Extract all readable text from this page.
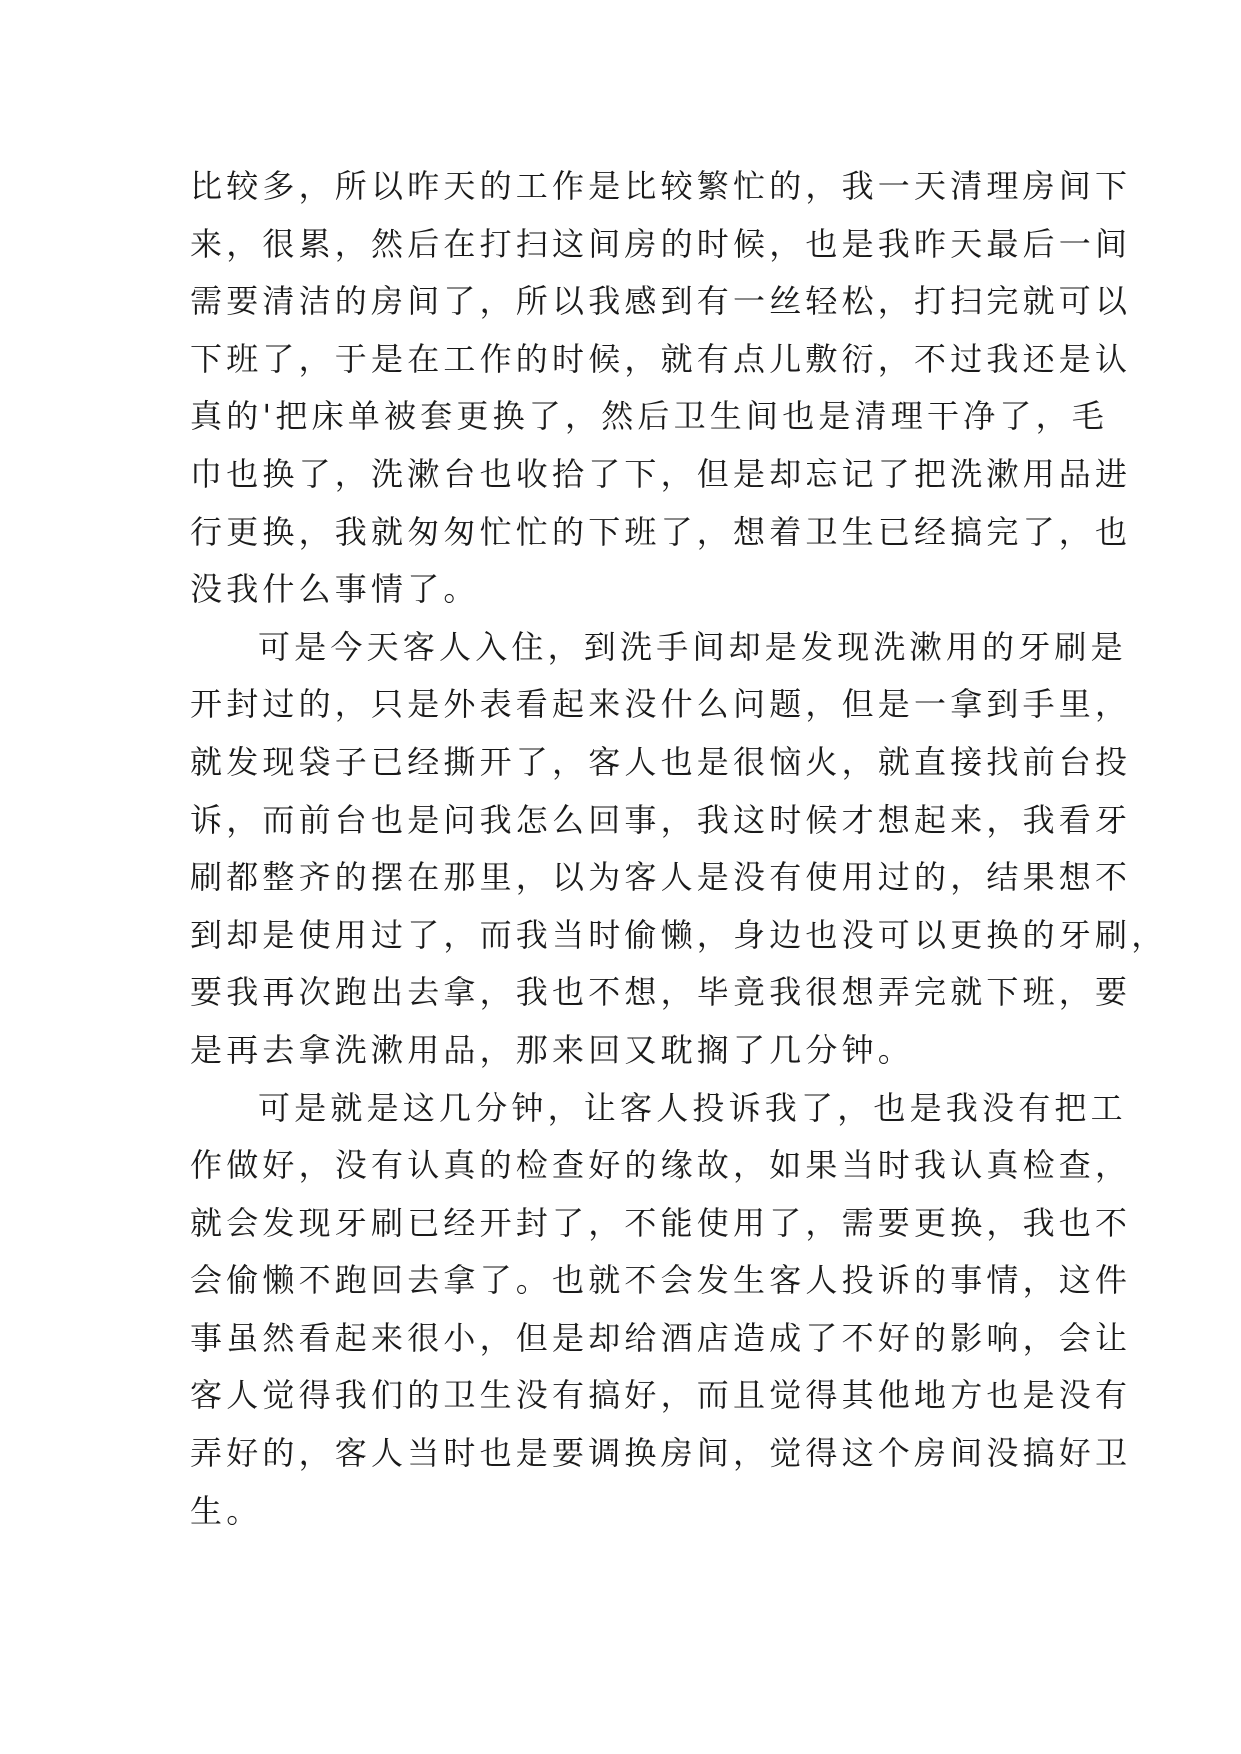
比较多，所以昨天的工作是比较繁忙的，我一天清理房间下
来，很累，然后在打扫这间房的时候，也是我昨天最后一间
需要清洁的房间了，所以我感到有一丝轻松，打扫完就可以
下班了，于是在工作的时候，就有点儿敷衍，不过我还是认
真的'把床单被套更换了，然后卫生间也是清理干净了，毛
巾也换了，洗漱台也收拾了下，但是却忘记了把洗漱用品进
行更换，我就匆匆忙忙的下班了，想着卫生已经搞完了，也
没我什么事情了。
可是今天客人入住，到洗手间却是发现洗漱用的牙刷是
开封过的，只是外表看起来没什么问题，但是一拿到手里，
就发现袋子已经撕开了，客人也是很恼火，就直接找前台投
诉，而前台也是问我怎么回事，我这时候才想起来，我看牙
刷都整齐的摆在那里，以为客人是没有使用过的，结果想不
到却是使用过了，而我当时偷懒，身边也没可以更换的牙刷，
要我再次跑出去拿，我也不想，毕竟我很想弄完就下班，要
是再去拿洗漱用品，那来回又耽搁了几分钟。
可是就是这几分钟，让客人投诉我了，也是我没有把工
作做好，没有认真的检查好的缘故，如果当时我认真检查，
就会发现牙刷已经开封了，不能使用了，需要更换，我也不
会偷懒不跑回去拿了。也就不会发生客人投诉的事情，这件
事虽然看起来很小，但是却给酒店造成了不好的影响，会让
客人觉得我们的卫生没有搞好，而且觉得其他地方也是没有
弄好的，客人当时也是要调换房间，觉得这个房间没搞好卫
生。
